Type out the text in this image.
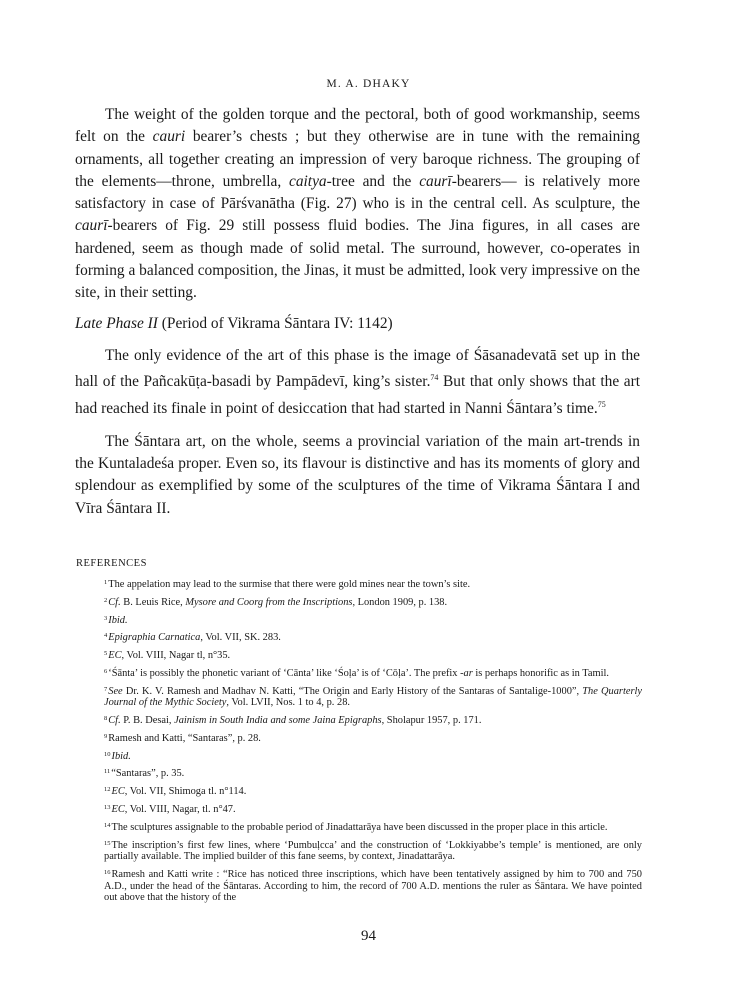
M. A. DHAKY

The weight of the golden torque and the pectoral, both of good workmanship, seems felt on the cauri bearer’s chests ; but they otherwise are in tune with the remaining ornaments, all together creating an impression of very baroque richness. The grouping of the elements—throne, umbrella, caitya-tree and the caurī-bearers— is relatively more satisfactory in case of Pārśvanātha (Fig. 27) who is in the central cell. As sculpture, the caurī-bearers of Fig. 29 still possess fluid bodies. The Jina figures, in all cases are hardened, seem as though made of solid metal. The surround, however, co-operates in forming a balanced composition, the Jinas, it must be admitted, look very impressive on the site, in their setting.

Late Phase II (Period of Vikrama Śāntara IV: 1142)

The only evidence of the art of this phase is the image of Śāsanadevatā set up in the hall of the Pañcakūṭa-basadi by Pampādevī, king’s sister.$^{74}$ But that only shows that the art had reached its finale in point of desiccation that had started in Nanni Śāntara’s time.$^{75}$

The Śāntara art, on the whole, seems a provincial variation of the main art-trends in the Kuntaladeśa proper. Even so, its flavour is distinctive and has its moments of glory and splendour as exemplified by some of the sculptures of the time of Vikrama Śāntara I and Vīra Śāntara II.

REFERENCES
$^1$The appelation may lead to the surmise that there were gold mines near the town’s site.
$^2$Cf. B. Leuis Rice, Mysore and Coorg from the Inscriptions, London 1909, p. 138.
$^3$Ibid.
$^4$Epigraphia Carnatica, Vol. VII, SK. 283.
$^5$EC, Vol. VIII, Nagar tl, n°35.
$^6$‘Śānta’ is possibly the phonetic variant of ‘Cānta’ like ‘Śoḷa’ is of ‘Cōḷa’. The prefix -ar is perhaps honorific as in Tamil.
$^7$See Dr. K. V. Ramesh and Madhav N. Katti, “The Origin and Early History of the Santaras of Santalige-1000”, The Quarterly Journal of the Mythic Society, Vol. LVII, Nos. 1 to 4, p. 28.
$^8$Cf. P. B. Desai, Jainism in South India and some Jaina Epigraphs, Sholapur 1957, p. 171.
$^9$Ramesh and Katti, “Santaras”, p. 28.
$^{10}$Ibid.
$^{11}$“Santaras”, p. 35.
$^{12}$EC, Vol. VII, Shimoga tl. n°114.
$^{13}$EC, Vol. VIII, Nagar, tl. n°47.
$^{14}$The sculptures assignable to the probable period of Jinadattarāya have been discussed in the proper place in this article.
$^{15}$The inscription’s first few lines, where ‘Pumbuḷcca’ and the construction of ‘Lokkiyabbe’s temple’ is mentioned, are only partially available. The implied builder of this fane seems, by context, Jinadattarāya.
$^{16}$Ramesh and Katti write : “Rice has noticed three inscriptions, which have been tentatively assigned by him to 700 and 750 A.D., under the head of the Śāntaras. According to him, the record of 700 A.D. mentions the ruler as Śāntara. We have pointed out above that the history of the
94
